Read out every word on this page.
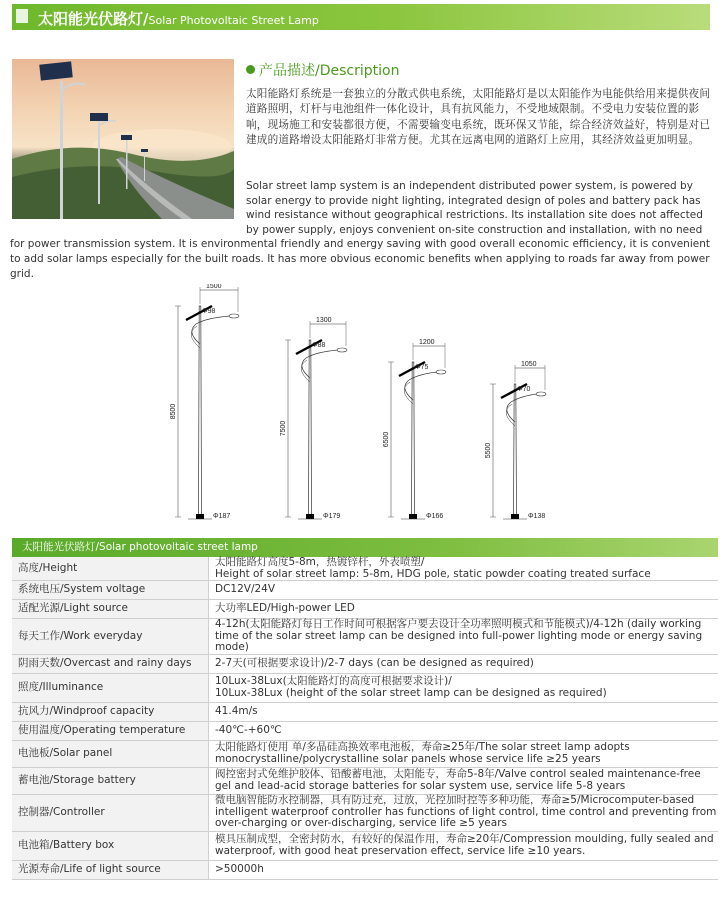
太阳能光伏路灯/Solar Photovoltaic Street Lamp
产品描述/Description
太阳能路灯系统是一套独立的分散式供电系统，太阳能路灯是以太阳能作为电能供给用来提供夜间道路照明，灯杆与电池组件一体化设计，具有抗风能力，不受地域限制。不受电力安装位置的影响，现场施工和安装都很方便，不需要输变电系统，既环保又节能，综合经济效益好，特别是对已建成的道路增设太阳能路灯非常方便。尤其在远离电网的道路灯上应用，其经济效益更加明显。

Solar street lamp system is an independent distributed power system, is powered by

solar energy to provide night lighting, integrated design of poles and battery pack has

wind resistance without geographical restrictions. Its installation site does not affected

by power supply, enjoys convenient on-site construction and installation, with no need

for power transmission system. It is environmental friendly and energy saving with good overall economic efficiency, it is convenient to add solar lamps especially for the built roads. It has more obvious economic benefits when applying to roads far away from power grid.

1500
Φ98
8500
Φ187
1300
Φ88
7500
Φ179
1200
Φ75
6500
Φ166
1050
Φ70
5500
Φ138
太阳能光伏路灯/Solar photovoltaic street lamp
高度/Height	太阳能路灯高度5-8m，热镀锌杆，外表喷塑/
Height of solar street lamp: 5-8m, HDG pole, static powder coating treated surface
系统电压/System voltage	DC12V/24V
适配光源/Light source	大功率LED/High-power LED
每天工作/Work everyday	4-12h(太阳能路灯每日工作时间可根据客户要去设计全功率照明模式和节能模式)/4-12h (daily working time of the solar street lamp can be designed into full-power lighting mode or energy saving mode)
阴雨天数/Overcast and rainy days	2-7天(可根据要求设计)/2-7 days (can be designed as required)
照度/Illuminance	10Lux-38Lux(太阳能路灯的高度可根据要求设计)/
10Lux-38Lux (height of the solar street lamp can be designed as required)
抗风力/Windproof capacity	41.4m/s
使用温度/Operating temperature	-40℃-+60℃
电池板/Solar panel	太阳能路灯使用 单/多晶硅高换效率电池板，寿命≥25年/The solar street lamp adopts monocrystalline/polycrystalline solar panels whose service life ≥25 years
蓄电池/Storage battery	阀控密封式免维护胶体、铅酸蓄电池，太阳能专，寿命5-8年/Valve control sealed maintenance-free gel and lead-acid storage batteries for solar system use, service life 5-8 years
控制器/Controller	微电脑智能防水控制器，具有防过充，过放，光控加时控等多种功能，寿命≥5/Microcomputer-based intelligent waterproof controller has functions of light control, time control and preventing from over-charging or over-discharging, service life ≥5 years
电池箱/Battery box	模具压制成型，全密封防水，有较好的保温作用，寿命≥20年/Compression moulding, fully sealed and waterproof, with good heat preservation effect, service life ≥10 years.
光源寿命/Life of light source	>50000h
